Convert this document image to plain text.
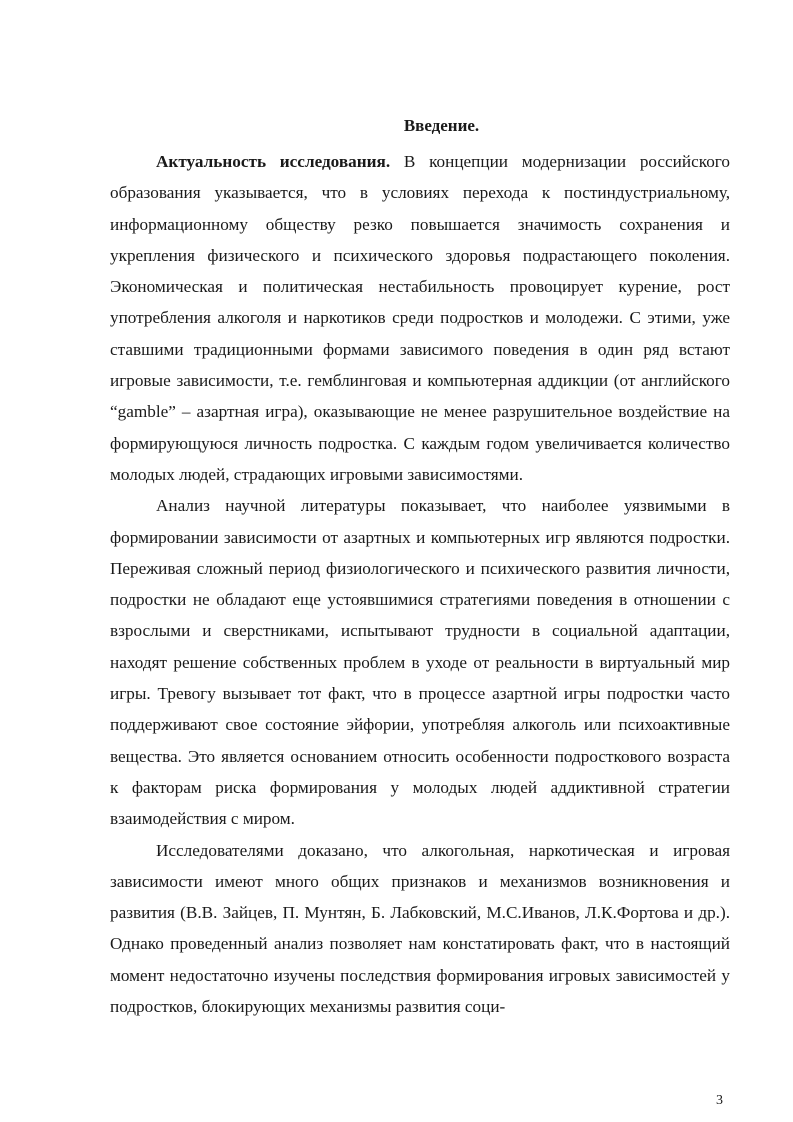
Введение.

Актуальность исследования. В концепции модернизации российского образования указывается, что в условиях перехода к постиндустриальному, информационному обществу резко повышается значимость сохранения и укрепления физического и психического здоровья подрастающего поколения. Экономическая и политическая нестабильность провоцирует курение, рост употребления алкоголя и наркотиков среди подростков и молодежи. С этими, уже ставшими традиционными формами зависимого поведения в один ряд встают игровые зависимости, т.е. гемблинговая и компьютерная аддикции (от английского “gamble” – азартная игра), оказывающие не менее разрушительное воздействие на формирующуюся личность подростка. С каждым годом увеличивается количество молодых людей, страдающих игровыми зависимостями.

Анализ научной литературы показывает, что наиболее уязвимыми в формировании зависимости от азартных и компьютерных игр являются подростки. Переживая сложный период физиологического и психического развития личности, подростки не обладают еще устоявшимися стратегиями поведения в отношении с взрослыми и сверстниками, испытывают трудности в социальной адаптации, находят решение собственных проблем в уходе от реальности в виртуальный мир игры. Тревогу вызывает тот факт, что в процессе азартной игры подростки часто поддерживают свое состояние эйфории, употребляя алкоголь или психоактивные вещества. Это является основанием относить особенности подросткового возраста к факторам риска формирования у молодых людей аддиктивной стратегии взаимодействия с миром.

Исследователями доказано, что алкогольная, наркотическая и игровая зависимости имеют много общих признаков и механизмов возникновения и развития (В.В. Зайцев, П. Мунтян, Б. Лабковский, М.С.Иванов, Л.К.Фортова и др.). Однако проведенный анализ позволяет нам констатировать факт, что в настоящий момент недостаточно изучены последствия формирования игровых зависимостей у подростков, блокирующих механизмы развития соци-

3
